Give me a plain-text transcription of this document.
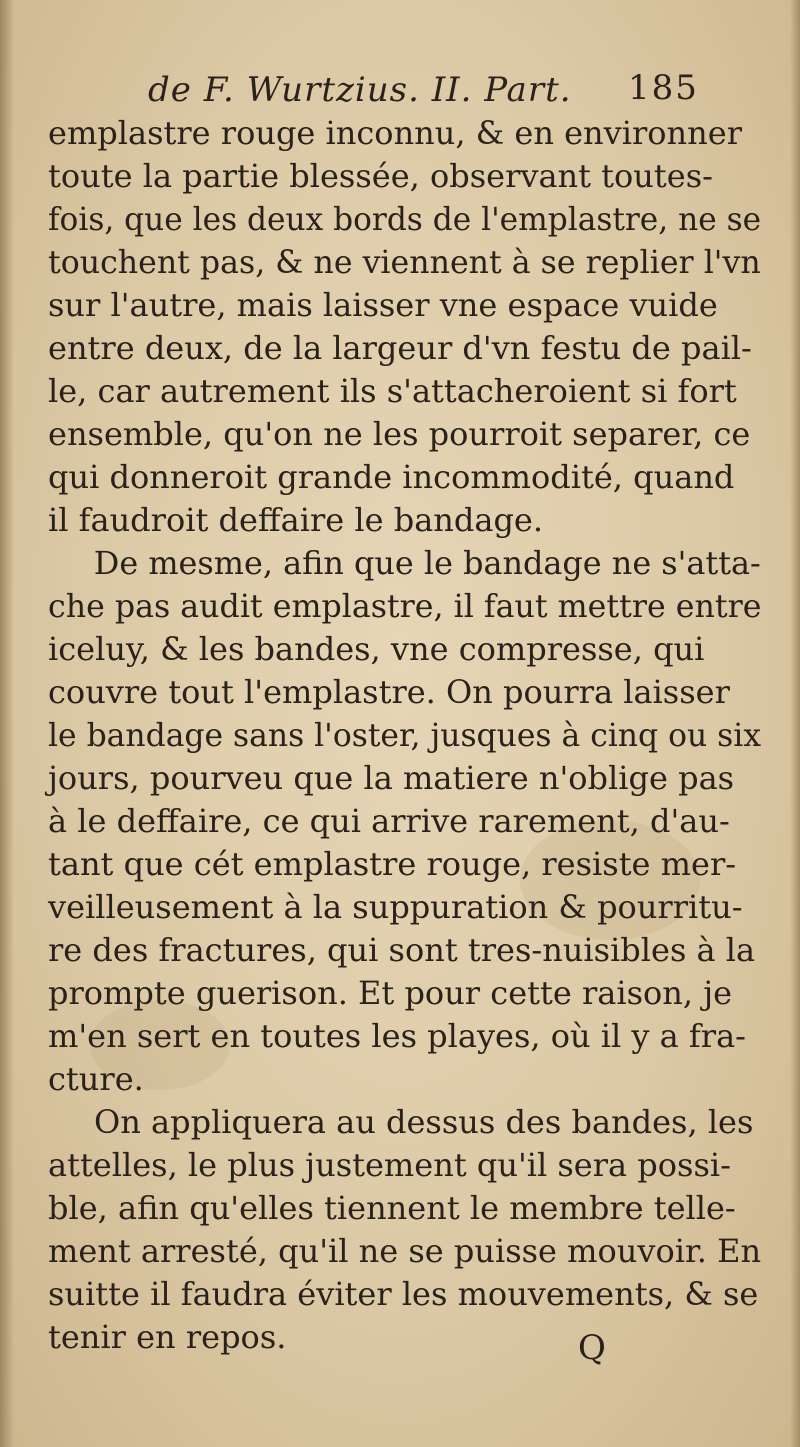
de F. Wurtzius. II. Part. 185
emplastre rouge inconnu, & en environner
toute la partie blessée, observant toutes-
fois, que les deux bords de l'emplastre, ne se
touchent pas, & ne viennent à se replier l'vn
sur l'autre, mais laisser vne espace vuide
entre deux, de la largeur d'vn festu de pail-
le, car autrement ils s'attacheroient si fort
ensemble, qu'on ne les pourroit separer, ce
qui donneroit grande incommodité, quand
il faudroit deffaire le bandage.
De mesme, afin que le bandage ne s'atta-
che pas audit emplastre, il faut mettre entre
iceluy, & les bandes, vne compresse, qui
couvre tout l'emplastre. On pourra laisser
le bandage sans l'oster, jusques à cinq ou six
jours, pourveu que la matiere n'oblige pas
à le deffaire, ce qui arrive rarement, d'au-
tant que cét emplastre rouge, resiste mer-
veilleusement à la suppuration & pourritu-
re des fractures, qui sont tres-nuisibles à la
prompte guerison. Et pour cette raison, je
m'en sert en toutes les playes, où il y a fra-
cture.
On appliquera au dessus des bandes, les
attelles, le plus justement qu'il sera possi-
ble, afin qu'elles tiennent le membre telle-
ment arresté, qu'il ne se puisse mouvoir. En
suitte il faudra éviter les mouvements, & se
tenir en repos.	Q
